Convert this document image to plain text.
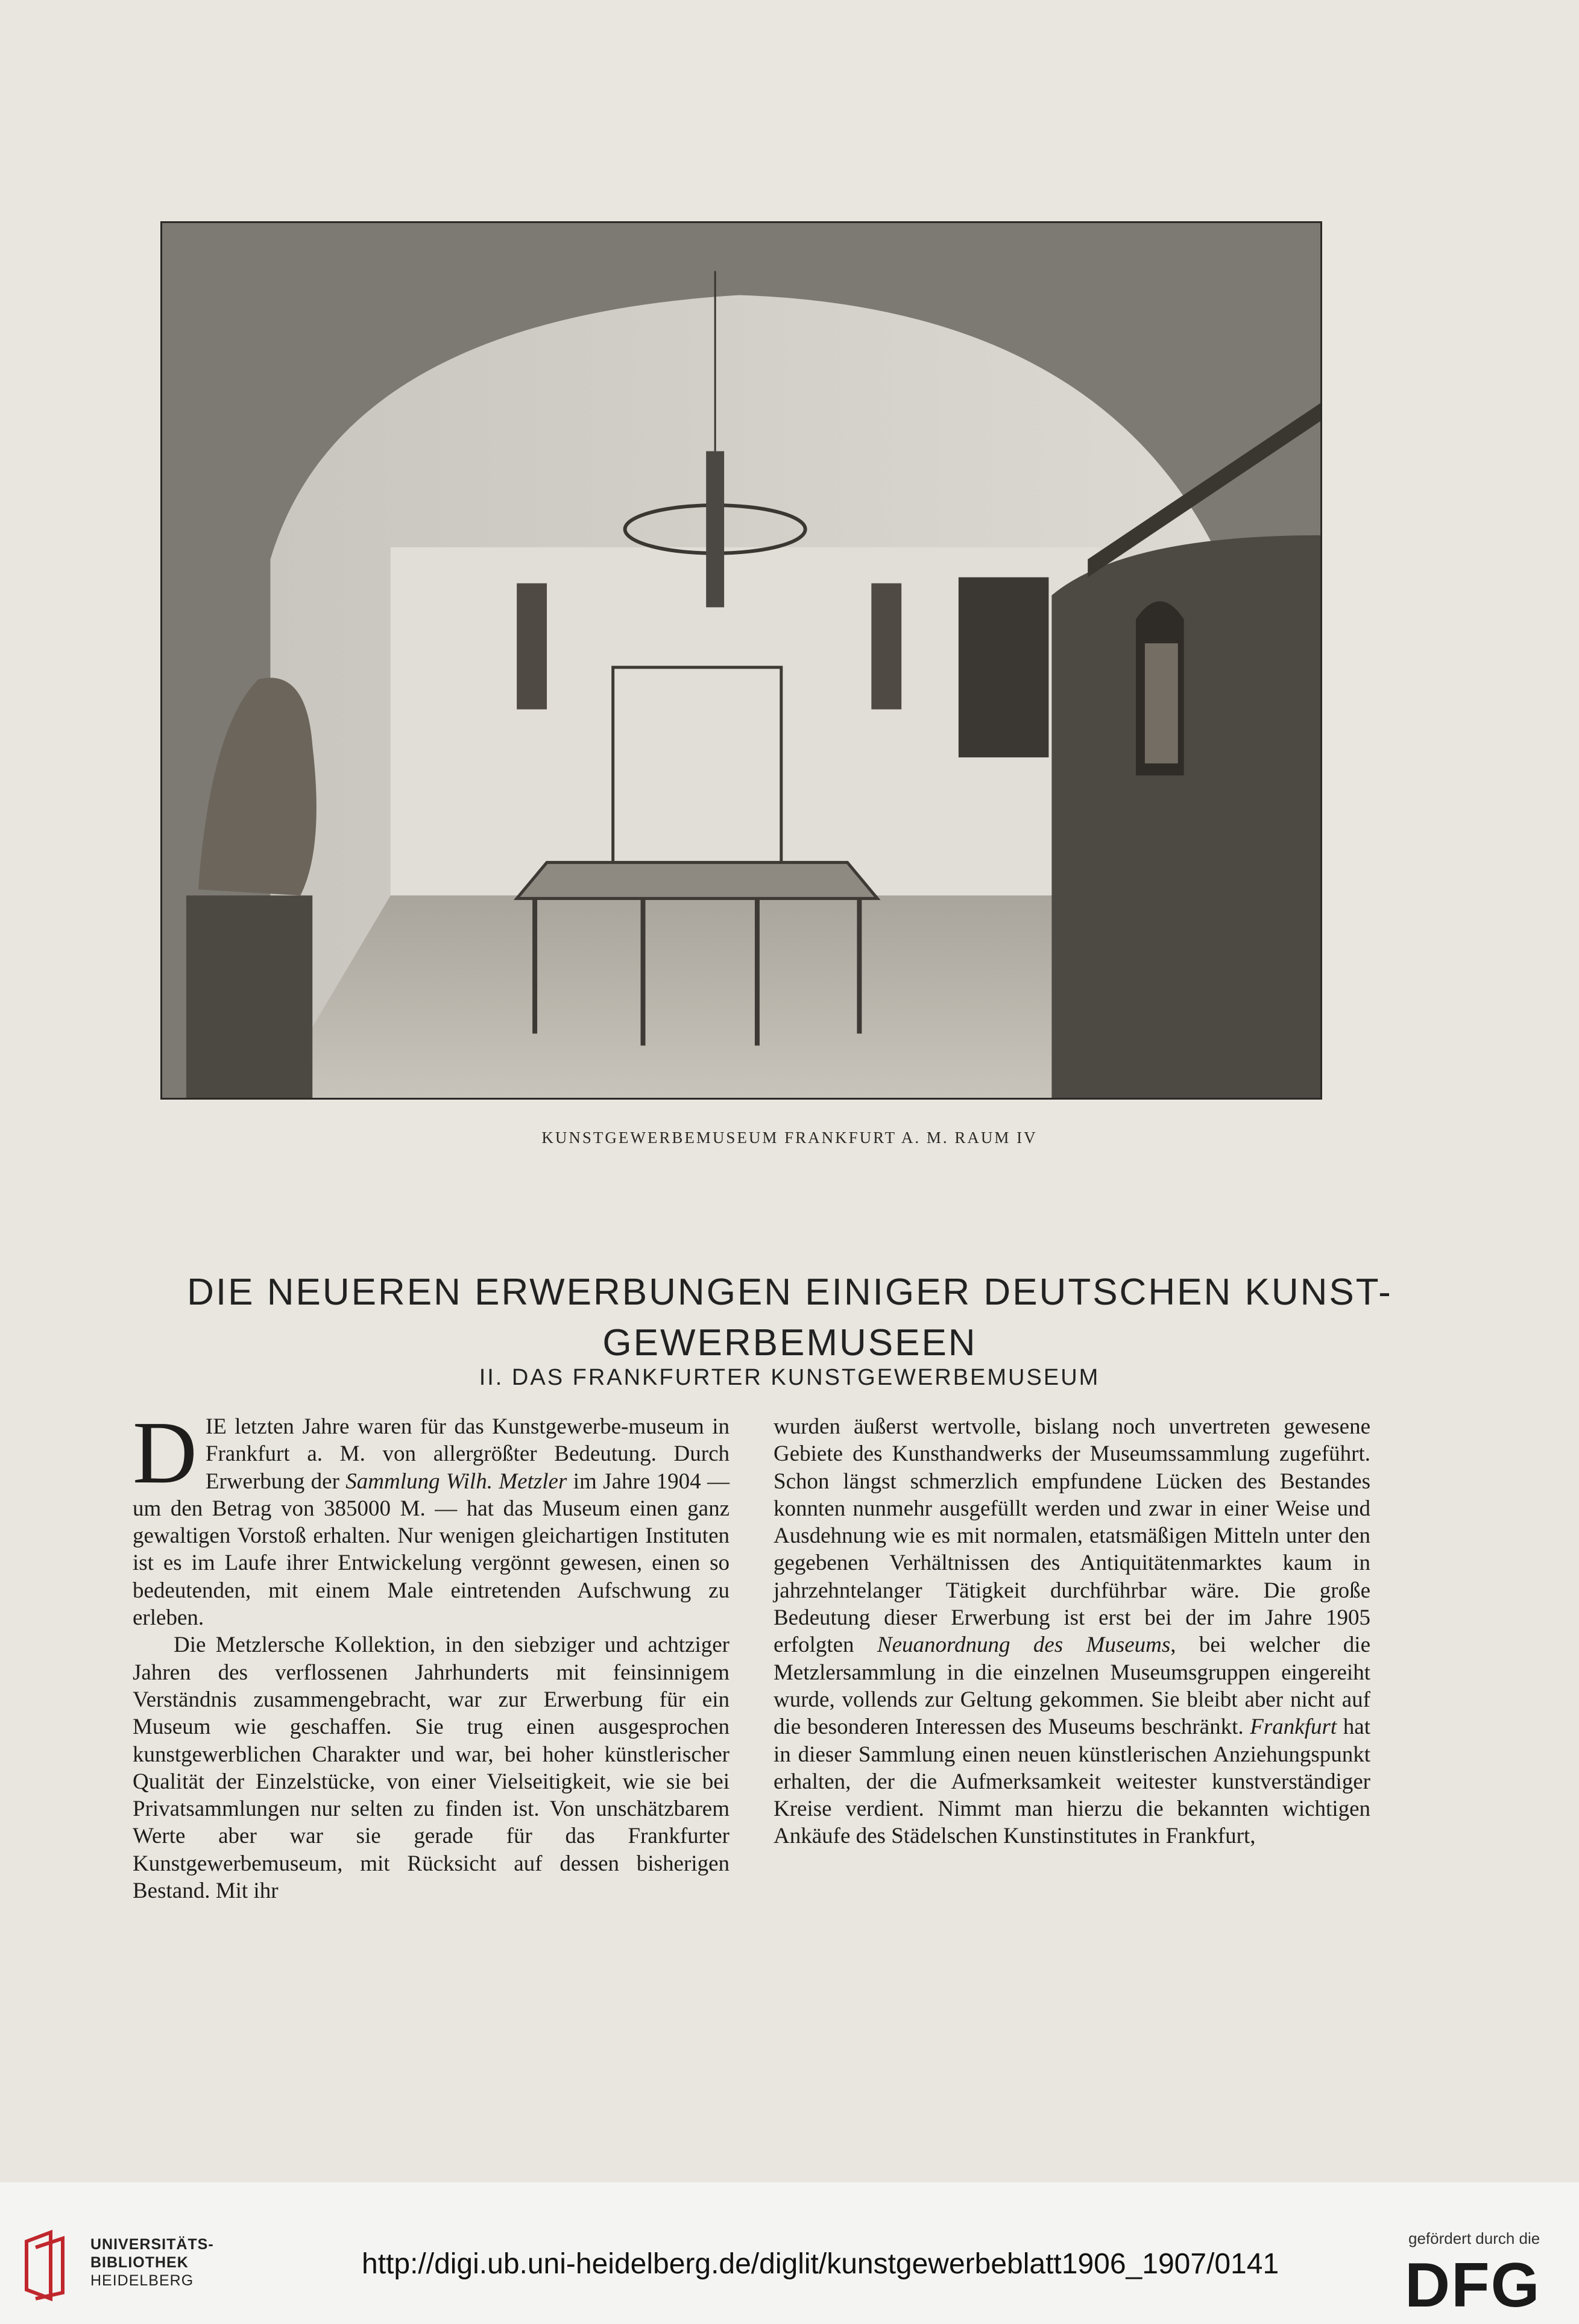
KUNSTGEWERBEMUSEUM FRANKFURT A. M. RAUM IV
DIE NEUEREN ERWERBUNGEN EINIGER DEUTSCHEN KUNST-
GEWERBEMUSEEN
II. DAS FRANKFURTER KUNSTGEWERBEMUSEUM

DIE letzten Jahre waren für das Kunstgewerbe-museum in Frankfurt a. M. von allergrößter Bedeutung. Durch Erwerbung der Sammlung Wilh. Metzler im Jahre 1904 — um den Betrag von 385000 M. — hat das Museum einen ganz gewaltigen Vorstoß erhalten. Nur wenigen gleichartigen Instituten ist es im Laufe ihrer Entwickelung vergönnt gewesen, einen so bedeutenden, mit einem Male eintretenden Aufschwung zu erleben.

Die Metzlersche Kollektion, in den siebziger und achtziger Jahren des verflossenen Jahrhunderts mit feinsinnigem Verständnis zusammengebracht, war zur Erwerbung für ein Museum wie geschaffen. Sie trug einen ausgesprochen kunstgewerblichen Charakter und war, bei hoher künstlerischer Qualität der Einzelstücke, von einer Vielseitigkeit, wie sie bei Privatsammlungen nur selten zu finden ist. Von unschätzbarem Werte aber war sie gerade für das Frankfurter Kunstgewerbemuseum, mit Rücksicht auf dessen bisherigen Bestand. Mit ihr

wurden äußerst wertvolle, bislang noch unvertreten gewesene Gebiete des Kunsthandwerks der Museumssammlung zugeführt. Schon längst schmerzlich empfundene Lücken des Bestandes konnten nunmehr ausgefüllt werden und zwar in einer Weise und Ausdehnung wie es mit normalen, etatsmäßigen Mitteln unter den gegebenen Verhältnissen des Antiquitätenmarktes kaum in jahrzehntelanger Tätigkeit durchführbar wäre. Die große Bedeutung dieser Erwerbung ist erst bei der im Jahre 1905 erfolgten Neuanordnung des Museums, bei welcher die Metzlersammlung in die einzelnen Museumsgruppen eingereiht wurde, vollends zur Geltung gekommen. Sie bleibt aber nicht auf die besonderen Interessen des Museums beschränkt. Frankfurt hat in dieser Sammlung einen neuen künstlerischen Anziehungspunkt erhalten, der die Aufmerksamkeit weitester kunstverständiger Kreise verdient. Nimmt man hierzu die bekannten wichtigen Ankäufe des Städelschen Kunstinstitutes in Frankfurt,

UNIVERSITÄTS-
BIBLIOTHEK
HEIDELBERG
http://digi.ub.uni-heidelberg.de/diglit/kunstgewerbeblatt1906_1907/0141
gefördert durch die
DFG
